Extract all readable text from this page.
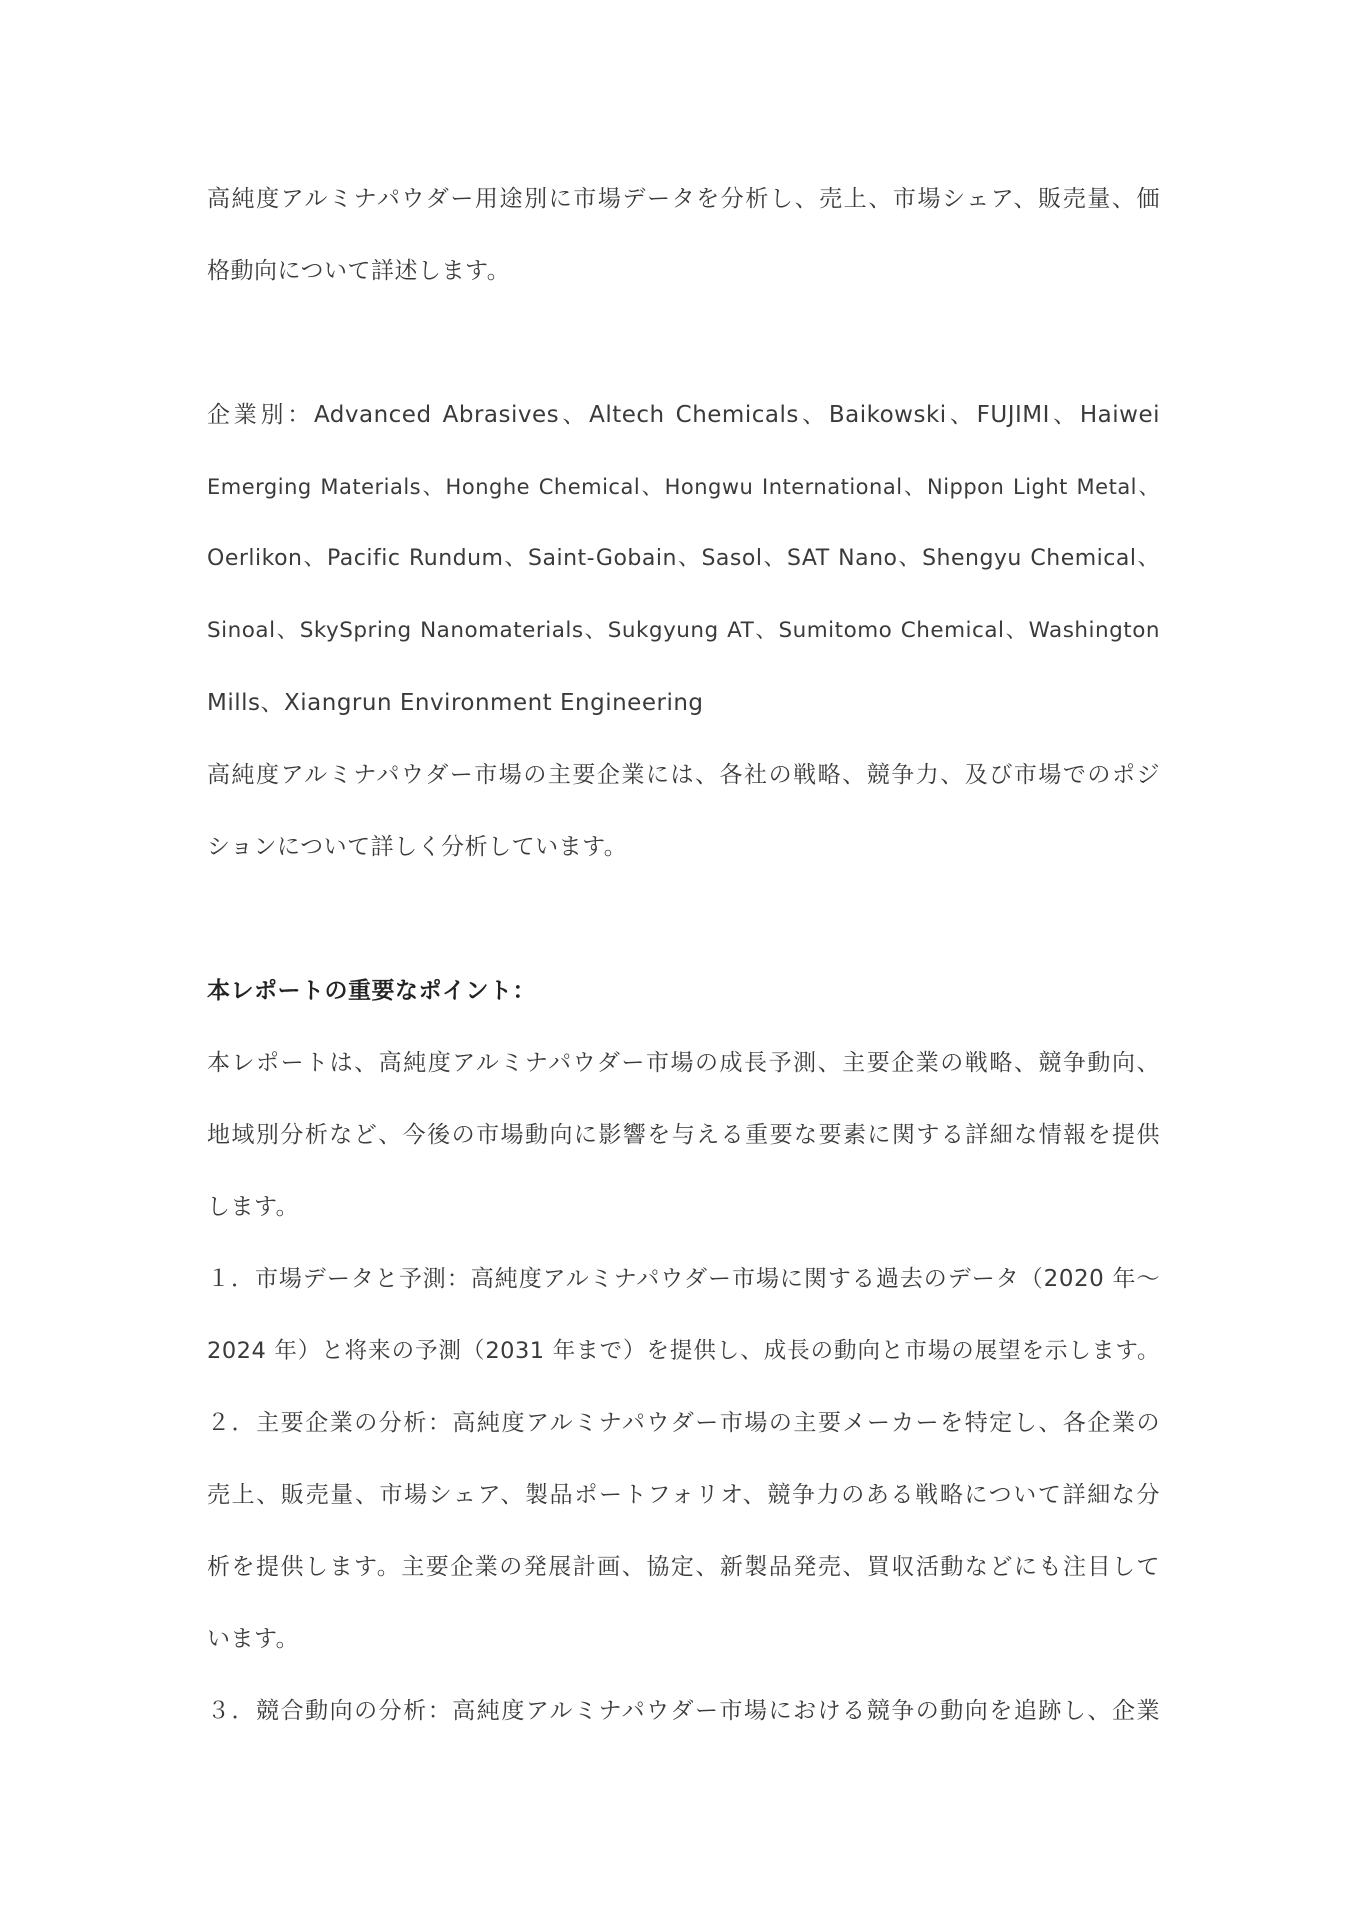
高純度アルミナパウダー用途別に市場データを分析し、売上、市場シェア、販売量、価
格動向について詳述します。
企業別：Advanced Abrasives、Altech Chemicals、Baikowski、FUJIMI、Haiwei
Emerging Materials、Honghe Chemical、Hongwu International、Nippon Light Metal、
Oerlikon、Pacific Rundum、Saint-Gobain、Sasol、SAT Nano、Shengyu Chemical、
Sinoal、SkySpring Nanomaterials、Sukgyung AT、Sumitomo Chemical、Washington
Mills、Xiangrun Environment Engineering
高純度アルミナパウダー市場の主要企業には、各社の戦略、競争力、及び市場でのポジ
ションについて詳しく分析しています。
本レポートの重要なポイント：
本レポートは、高純度アルミナパウダー市場の成長予測、主要企業の戦略、競争動向、
地域別分析など、今後の市場動向に影響を与える重要な要素に関する詳細な情報を提供
します。
１．市場データと予測：高純度アルミナパウダー市場に関する過去のデータ（2020 年〜
2024 年）と将来の予測（2031 年まで）を提供し、成長の動向と市場の展望を示します。
２．主要企業の分析：高純度アルミナパウダー市場の主要メーカーを特定し、各企業の
売上、販売量、市場シェア、製品ポートフォリオ、競争力のある戦略について詳細な分
析を提供します。主要企業の発展計画、協定、新製品発売、買収活動などにも注目して
います。
３．競合動向の分析：高純度アルミナパウダー市場における競争の動向を追跡し、企業
